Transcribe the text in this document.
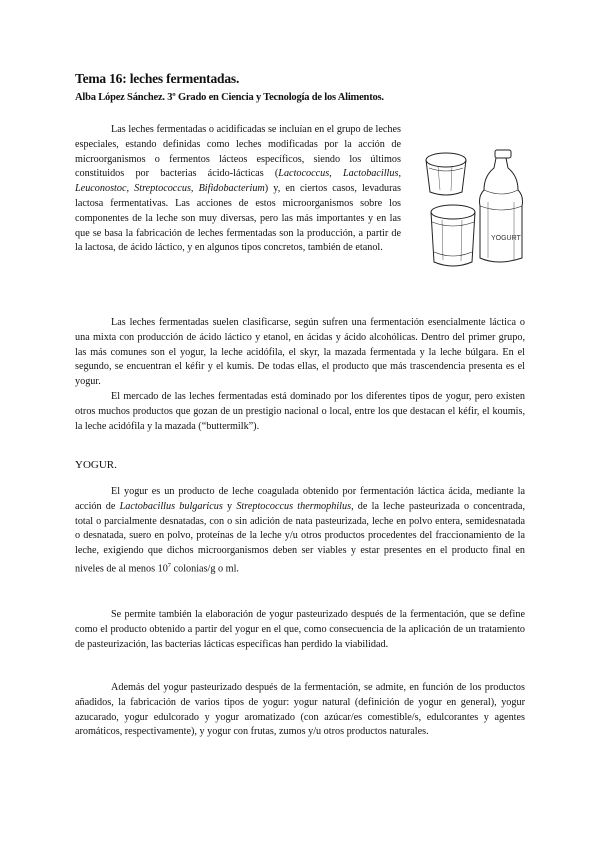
Tema 16: leches fermentadas.
Alba López Sánchez. 3º Grado en Ciencia y Tecnología de los Alimentos.

Las leches fermentadas o acidificadas se incluían en el grupo de leches especiales, estando definidas como leches modificadas por la acción de microorganismos o fermentos lácteos específicos, siendo los últimos constituidos por bacterias ácido-lácticas (Lactococcus, Lactobacillus, Leuconostoc, Streptococcus, Bifidobacterium) y, en ciertos casos, levaduras lactosa fermentativas. Las acciones de estos microorganismos sobre los componentes de la leche son muy diversas, pero las más importantes y en las que se basa la fabricación de leches fermentadas son la producción, a partir de la lactosa, de ácido láctico, y en algunos tipos concretos, también de etanol.

YOGURT

Las leches fermentadas suelen clasificarse, según sufren una fermentación esencialmente láctica o una mixta con producción de ácido láctico y etanol, en ácidas y ácido alcohólicas. Dentro del primer grupo, las más comunes son el yogur, la leche acidófila, el skyr, la mazada fermentada y la leche búlgara. En el segundo, se encuentran el kéfir y el kumis. De todas ellas, el producto que más trascendencia presenta es el yogur.

El mercado de las leches fermentadas está dominado por los diferentes tipos de yogur, pero existen otros muchos productos que gozan de un prestigio nacional o local, entre los que destacan el kéfir, el koumis, la leche acidófila y la mazada (“buttermilk”).

YOGUR.

El yogur es un producto de leche coagulada obtenido por fermentación láctica ácida, mediante la acción de Lactobacillus bulgaricus y Streptococcus thermophilus, de la leche pasteurizada o concentrada, total o parcialmente desnatadas, con o sin adición de nata pasteurizada, leche en polvo entera, semidesnatada o desnatada, suero en polvo, proteínas de la leche y/u otros productos procedentes del fraccionamiento de la leche, exigiendo que dichos microorganismos deben ser viables y estar presentes en el producto final en niveles de al menos $10^7$ colonias/g o ml.

Se permite también la elaboración de yogur pasteurizado después de la fermentación, que se define como el producto obtenido a partir del yogur en el que, como consecuencia de la aplicación de un tratamiento de pasteurización, las bacterias lácticas específicas han perdido la viabilidad.

Además del yogur pasteurizado después de la fermentación, se admite, en función de los productos añadidos, la fabricación de varios tipos de yogur: yogur natural (definición de yogur en general), yogur azucarado, yogur edulcorado y yogur aromatizado (con azúcar/es comestible/s, edulcorantes y agentes aromáticos, respectivamente), y yogur con frutas, zumos y/u otros productos naturales.
